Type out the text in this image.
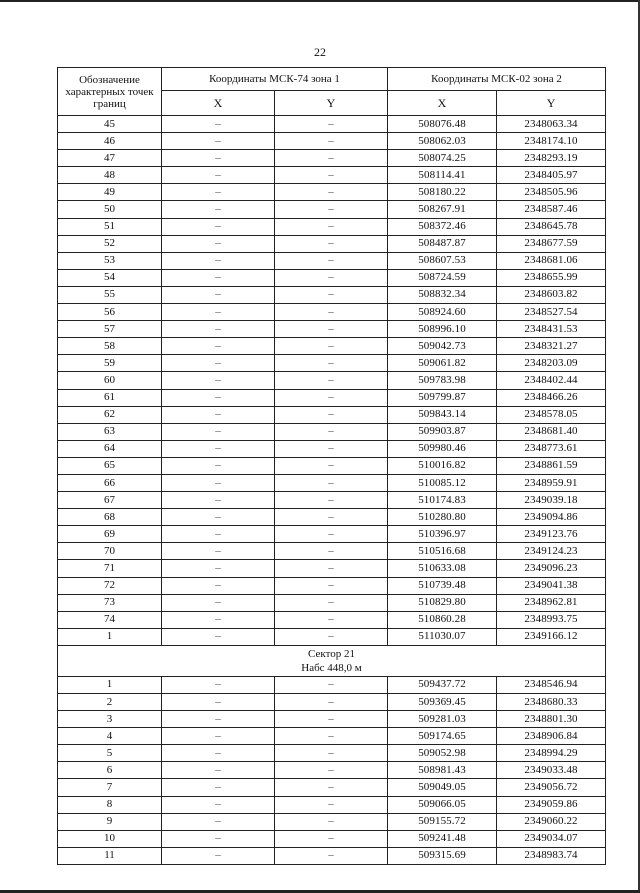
22
Обозначение характерных точек границ	Координаты МСК-74 зона 1		Координаты МСК-02 зона 2	
	X	Y	X	Y
45	–	–	508076.48	2348063.34
46	–	–	508062.03	2348174.10
47	–	–	508074.25	2348293.19
48	–	–	508114.41	2348405.97
49	–	–	508180.22	2348505.96
50	–	–	508267.91	2348587.46
51	–	–	508372.46	2348645.78
52	–	–	508487.87	2348677.59
53	–	–	508607.53	2348681.06
54	–	–	508724.59	2348655.99
55	–	–	508832.34	2348603.82
56	–	–	508924.60	2348527.54
57	–	–	508996.10	2348431.53
58	–	–	509042.73	2348321.27
59	–	–	509061.82	2348203.09
60	–	–	509783.98	2348402.44
61	–	–	509799.87	2348466.26
62	–	–	509843.14	2348578.05
63	–	–	509903.87	2348681.40
64	–	–	509980.46	2348773.61
65	–	–	510016.82	2348861.59
66	–	–	510085.12	2348959.91
67	–	–	510174.83	2349039.18
68	–	–	510280.80	2349094.86
69	–	–	510396.97	2349123.76
70	–	–	510516.68	2349124.23
71	–	–	510633.08	2349096.23
72	–	–	510739.48	2349041.38
73	–	–	510829.80	2348962.81
74	–	–	510860.28	2348993.75
1	–	–	511030.07	2349166.12

Сектор 21
Набс 448,0 м				

1	–	–	509437.72	2348546.94
2	–	–	509369.45	2348680.33
3	–	–	509281.03	2348801.30
4	–	–	509174.65	2348906.84
5	–	–	509052.98	2348994.29
6	–	–	508981.43	2349033.48
7	–	–	509049.05	2349056.72
8	–	–	509066.05	2349059.86
9	–	–	509155.72	2349060.22
10	–	–	509241.48	2349034.07
11	–	–	509315.69	2348983.74
